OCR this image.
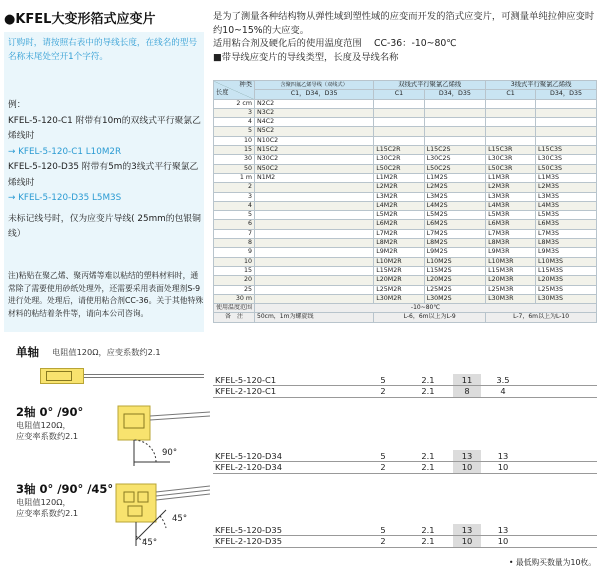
●KFEL大变形箔式应变片
订购时，请按照右表中的导线长度，在线名的型号名称末尾处空开1个字符。
例：
KFEL-5-120-C1 附带有10m的双线式平行聚氯乙烯线时
→ KFEL-5-120-C1 L10M2R
KFEL-5-120-D35 附带有5m的3线式平行聚氯乙烯线时
→ KFEL-5-120-D35 L5M3S
未标记线号时，仅为应变片导线( 25mm的包银铜线）
注)粘贴在聚乙烯、聚丙烯等难以粘结的塑料材料时，通常除了需要使用砂纸处理外，还需要采用表面处理剂S-9进行处理。处理后，请使用粘合剂CC-36。关于其他特殊材料的粘结着条件等，请向本公司咨询。
是为了测量各种结构物从弹性域到塑性域的应变而开发的箔式应变片，可测量单纯拉伸应变时约10~15%的大应变。
适用粘合剂及硬化后的使用温度范围　 CC-36：-10~80℃
■带导线应变片的导线类型，长度及导线名称
种类
长度	含聚四氟乙烯导线（双线式）	双线式平行聚氯乙烯线		3线式平行聚氯乙烯线	
	C1，D34，D35	C1	D34，D35	C1	D34，D35
2 cm	N2C2				
3	N3C2				
4	N4C2				
5	N5C2				
10	N10C2				
15	N15C2	L15C2R	L15C2S	L15C3R	L15C3S
30	N30C2	L30C2R	L30C2S	L30C3R	L30C3S
50	N50C2	L50C2R	L50C2S	L50C3R	L50C3S
1 m	N1M2	L1M2R	L1M2S	L1M3R	L1M3S
2		L2M2R	L2M2S	L2M3R	L2M3S
3		L3M2R	L3M2S	L3M3R	L3M3S
4		L4M2R	L4M2S	L4M3R	L4M3S
5		L5M2R	L5M2S	L5M3R	L5M3S
6		L6M2R	L6M2S	L6M3R	L6M3S
7		L7M2R	L7M2S	L7M3R	L7M3S
8		L8M2R	L8M2S	L8M3R	L8M3S
9		L9M2R	L9M2S	L9M3R	L9M3S
10		L10M2R	L10M2S	L10M3R	L10M3S
15		L15M2R	L15M2S	L15M3R	L15M3S
20		L20M2R	L20M2S	L20M3R	L20M3S
25		L25M2R	L25M2S	L25M3R	L25M3S
30 m		L30M2R	L30M2S	L30M3R	L30M3S
使用温度范围	-10~80℃				
备　注	50cm，1m为螺旋线	L-6，6m以上为L-9		L-7，6m以上为L-10	
单轴 电阻值120Ω，应变系数约2.1
2轴 0° /90°
电阻值120Ω，
应变率系数约2.1
90°
3轴 0° /90° /45°
电阻值120Ω，
应变率系数约2.1
45°
45°
KFEL-5-120-C1	5	2.1	11	3.5	
KFEL-2-120-C1	2	2.1	8	4	
KFEL-5-120-D34	5	2.1	13	13	
KFEL-2-120-D34	2	2.1	10	10	
KFEL-5-120-D35	5	2.1	13	13	
KFEL-2-120-D35	2	2.1	10	10	
• 最低购买数量为10枚。
